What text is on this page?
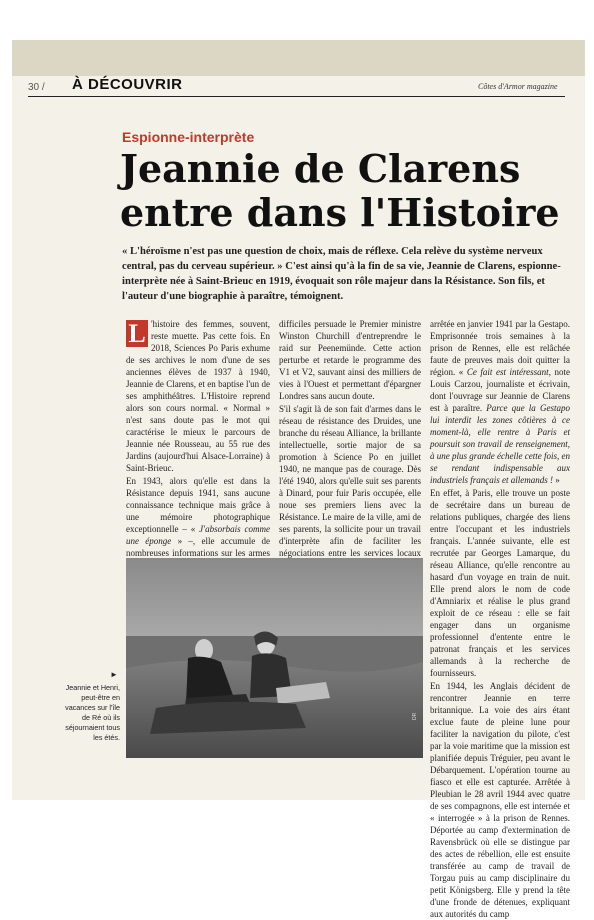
30 / À DÉCOUVRIR	Côtes d'Armor magazine
Espionne-interprète
Jeannie de Clarens entre dans l'Histoire

« L'héroïsme n'est pas une question de choix, mais de réflexe. Cela relève du système nerveux central, pas du cerveau supérieur. » C'est ainsi qu'à la fin de sa vie, Jeannie de Clarens, espionne-interprète née à Saint-Brieuc en 1919, évoquait son rôle majeur dans la Résistance. Son fils, et l'auteur d'une biographie à paraître, témoignent.

L 'histoire des femmes, souvent, reste muette. Pas cette fois. En 2018, Sciences Po Paris exhume de ses archives le nom d'une de ses anciennes élèves de 1937 à 1940, Jeannie de Clarens, et en baptise l'un de ses amphithéâtres. L'Histoire reprend alors son cours normal. « Normal » n'est sans doute pas le mot qui caractérise le mieux le parcours de Jeannie née Rousseau, au 55 rue des Jardins (aujourd'hui Alsace-Lorraine) à Saint-Brieuc.

En 1943, alors qu'elle est dans la Résistance depuis 1941, sans aucune connaissance technique mais grâce à une mémoire photographique exceptionnelle – « J'absorbais comme une éponge » –, elle accumule de nombreuses informations sur les armes

difficiles persuade le Premier ministre Winston Churchill d'entreprendre le raid sur Peenemünde. Cette action perturbe et retarde le programme des V1 et V2, sauvant ainsi des milliers de vies à l'Ouest et permettant d'épargner Londres sans aucun doute.

S'il s'agit là de son fait d'armes dans le réseau de résistance des Druides, une branche du réseau Alliance, la brillante intellectuelle, sortie major de sa promotion à Science Po en juillet 1940, ne manque pas de courage. Dès l'été 1940, alors qu'elle suit ses parents à Dinard, pour fuir Paris occupée, elle noue ses premiers liens avec la Résistance. Le maire de la ville, ami de ses parents, la sollicite pour un travail d'interprète afin de faciliter les négociations entre les services locaux

arrêtée en janvier 1941 par la Gestapo. Emprisonnée trois semaines à la prison de Rennes, elle est relâchée faute de preuves mais doit quitter la région. « Ce fait est intéressant, note Louis Carzou, journaliste et écrivain, dont l'ouvrage sur Jeannie de Clarens est à paraître. Parce que la Gestapo lui interdit les zones côtières à ce moment-là, elle rentre à Paris et poursuit son travail de renseignement, à une plus grande échelle cette fois, en se rendant indispensable aux industriels français et allemands ! »

En effet, à Paris, elle trouve un poste de secrétaire dans un bureau de relations publiques, chargée des liens entre l'occupant et les industriels français. L'année suivante, elle est recrutée par Georges Lamarque, du réseau Alliance, qu'elle rencontre au hasard d'un voyage en train de nuit. Elle prend alors le nom de code d'Amniarix et réalise le plus grand exploit de ce réseau : elle se fait engager dans un organisme professionnel d'entente entre le patronat français et les services allemands à la recherche de fournisseurs.

En 1944, les Anglais décident de rencontrer Jeannie en terre britannique. La voie des airs étant exclue faute de pleine lune pour faciliter la navigation du pilote, c'est par la voie maritime que la mission est planifiée depuis Tréguier, peu avant le Débarquement. L'opération tourne au fiasco et elle est capturée. Arrêtée à Pleubian le 28 avril 1944 avec quatre de ses compagnons, elle est internée et « interrogée » à la prison de Rennes. Déportée au camp d'extermination de Ravensbrück où elle se distingue par des actes de rébellion, elle est ensuite transférée au camp de travail de Torgau puis au camp disciplinaire du petit Königsberg. Elle y prend la tête d'une fronde de détenues, expliquant aux autorités du camp

DR
►
Jeannie et Henri, peut-être en vacances sur l'île de Ré où ils séjournaient tous les étés.
